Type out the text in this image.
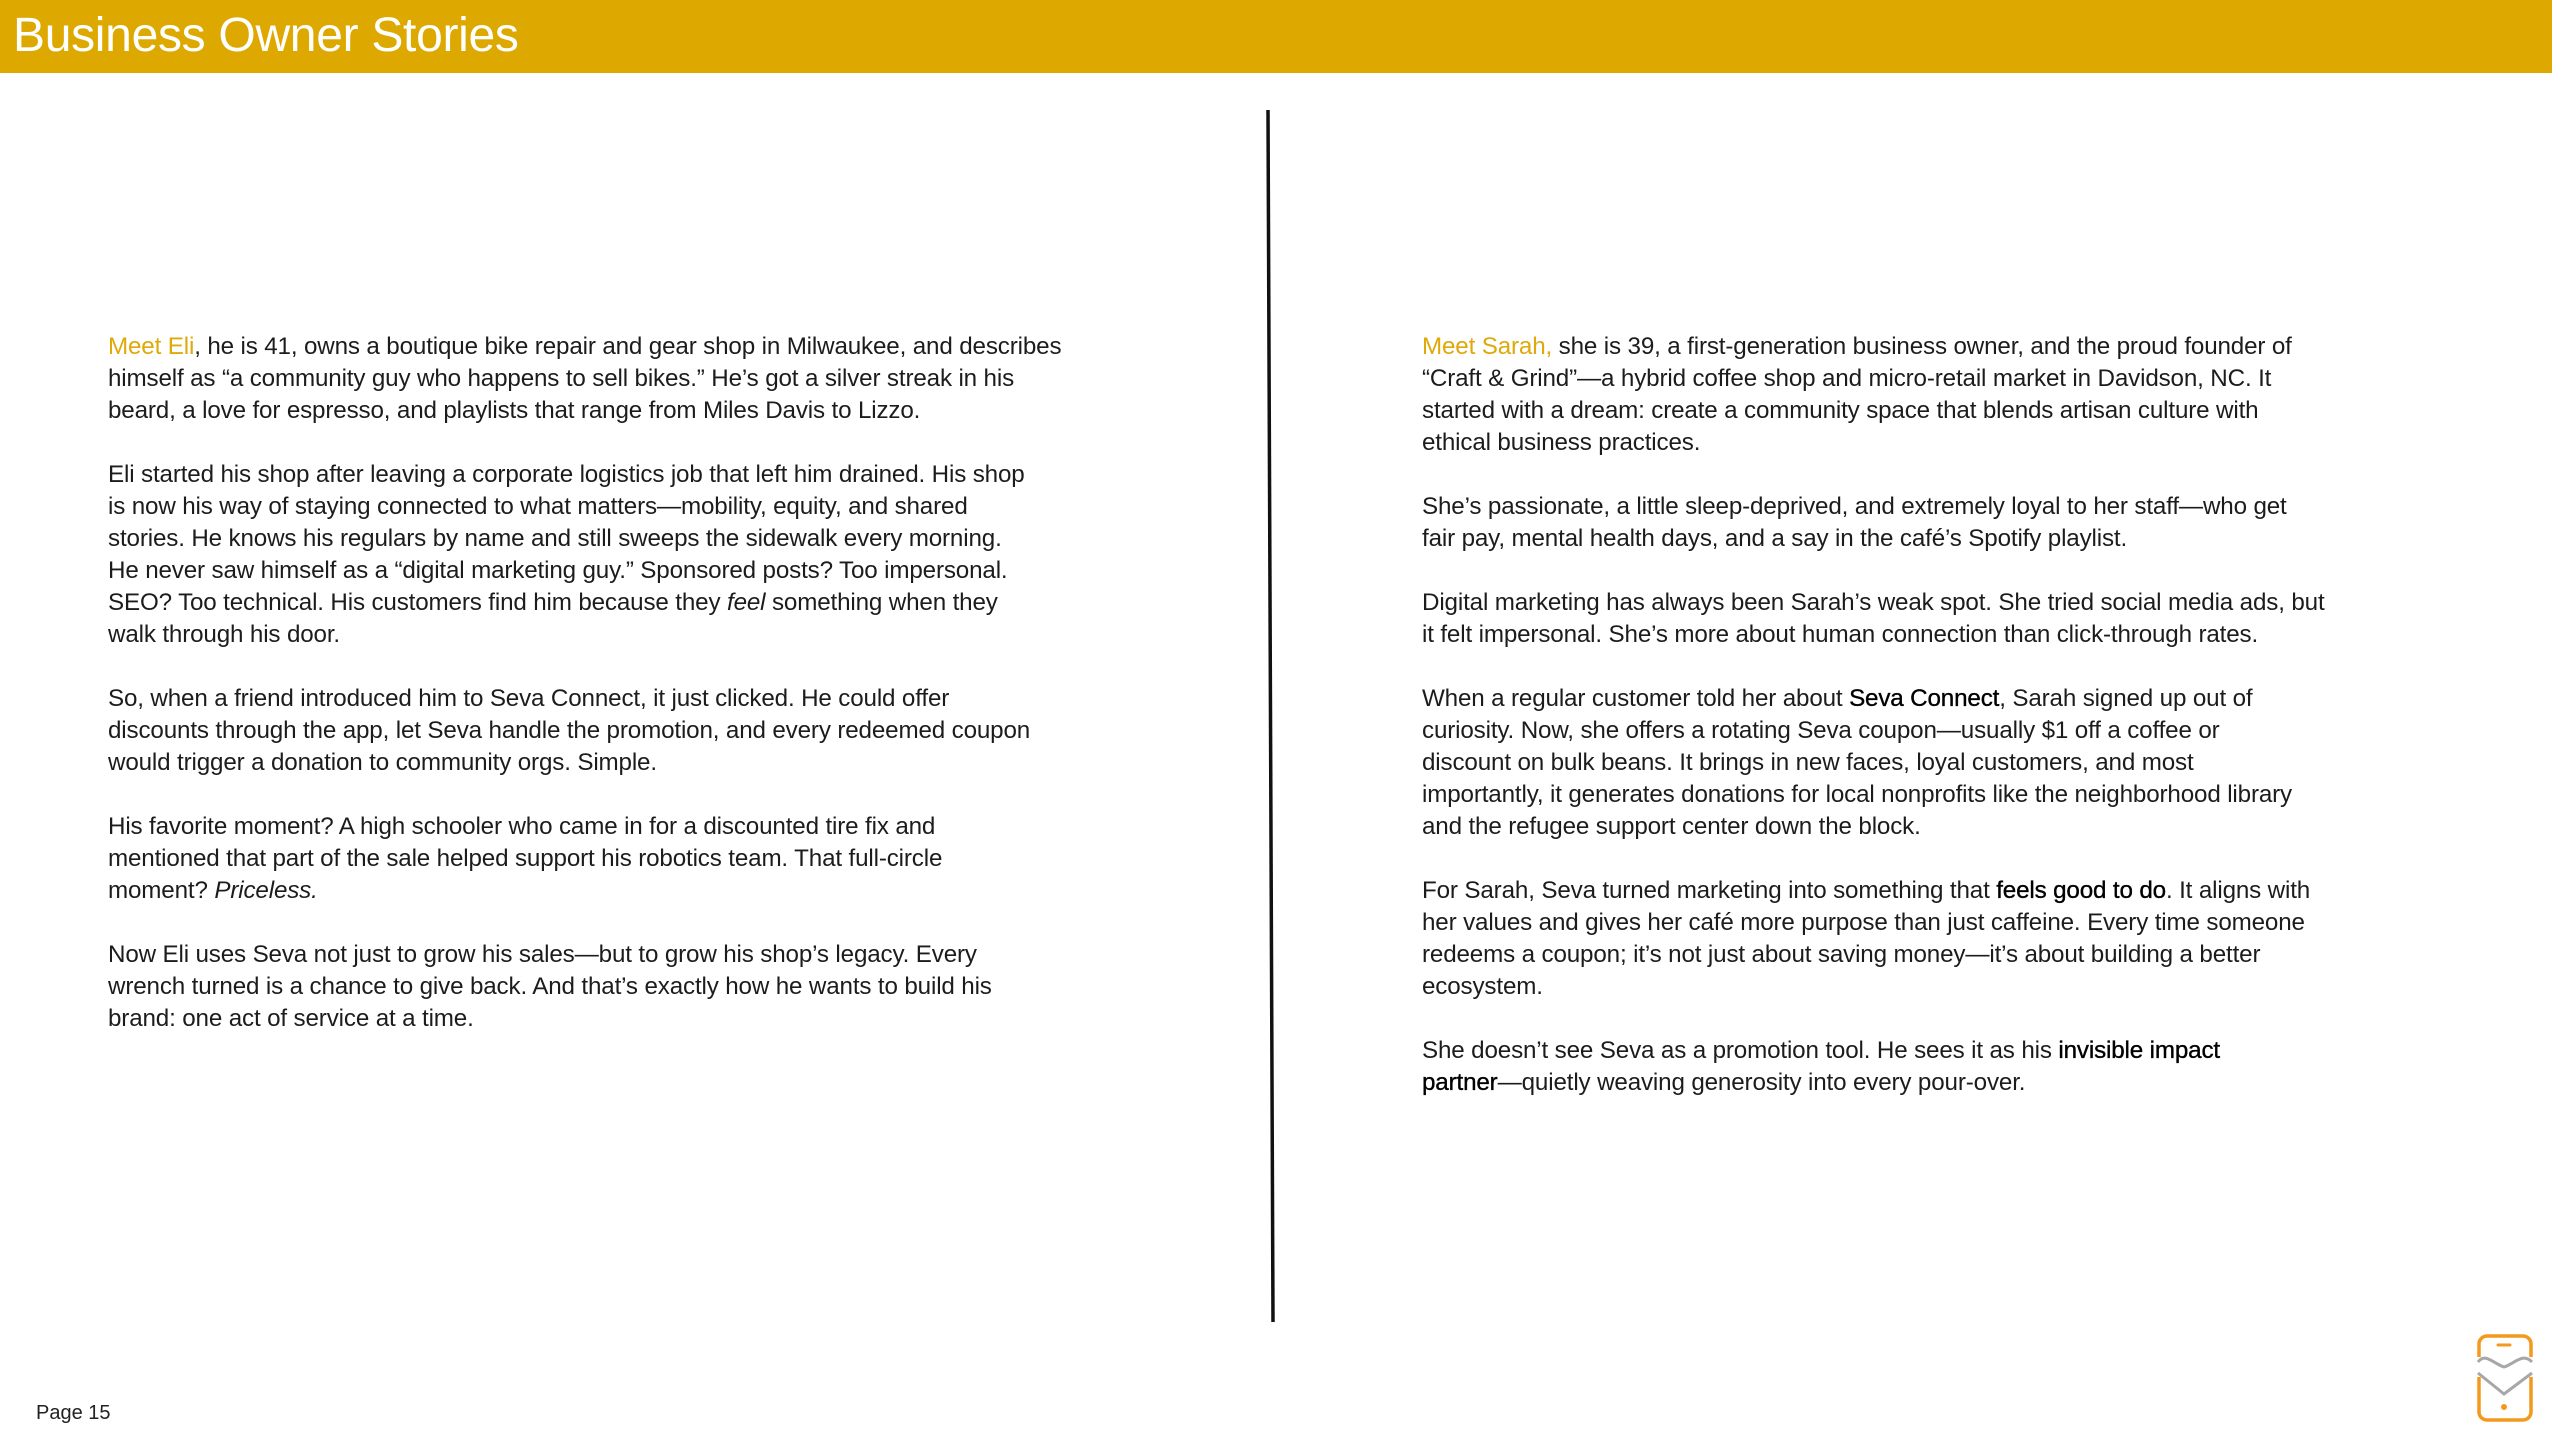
Business Owner Stories
Meet Eli, he is 41, owns a boutique bike repair and gear shop in Milwaukee, and describes
himself as “a community guy who happens to sell bikes.” He’s got a silver streak in his
beard, a love for espresso, and playlists that range from Miles Davis to Lizzo.
Eli started his shop after leaving a corporate logistics job that left him drained. His shop
is now his way of staying connected to what matters—mobility, equity, and shared
stories. He knows his regulars by name and still sweeps the sidewalk every morning.
He never saw himself as a “digital marketing guy.” Sponsored posts? Too impersonal.
SEO? Too technical. His customers find him because they feel something when they
walk through his door.
So, when a friend introduced him to Seva Connect, it just clicked. He could offer
discounts through the app, let Seva handle the promotion, and every redeemed coupon
would trigger a donation to community orgs. Simple.
His favorite moment? A high schooler who came in for a discounted tire fix and
mentioned that part of the sale helped support his robotics team. That full-circle
moment? Priceless.
Now Eli uses Seva not just to grow his sales—but to grow his shop’s legacy. Every
wrench turned is a chance to give back. And that’s exactly how he wants to build his
brand: one act of service at a time.
Meet Sarah, she is 39, a first-generation business owner, and the proud founder of
“Craft & Grind”—a hybrid coffee shop and micro-retail market in Davidson, NC. It
started with a dream: create a community space that blends artisan culture with
ethical business practices.
She’s passionate, a little sleep-deprived, and extremely loyal to her staff—who get
fair pay, mental health days, and a say in the café’s Spotify playlist.
Digital marketing has always been Sarah’s weak spot. She tried social media ads, but
it felt impersonal. She’s more about human connection than click-through rates.
When a regular customer told her about Seva Connect, Sarah signed up out of
curiosity. Now, she offers a rotating Seva coupon—usually $1 off a coffee or
discount on bulk beans. It brings in new faces, loyal customers, and most
importantly, it generates donations for local nonprofits like the neighborhood library
and the refugee support center down the block.
For Sarah, Seva turned marketing into something that feels good to do. It aligns with
her values and gives her café more purpose than just caffeine. Every time someone
redeems a coupon; it’s not just about saving money—it’s about building a better
ecosystem.
She doesn’t see Seva as a promotion tool. He sees it as his invisible impact
partner—quietly weaving generosity into every pour-over.
Page 15
